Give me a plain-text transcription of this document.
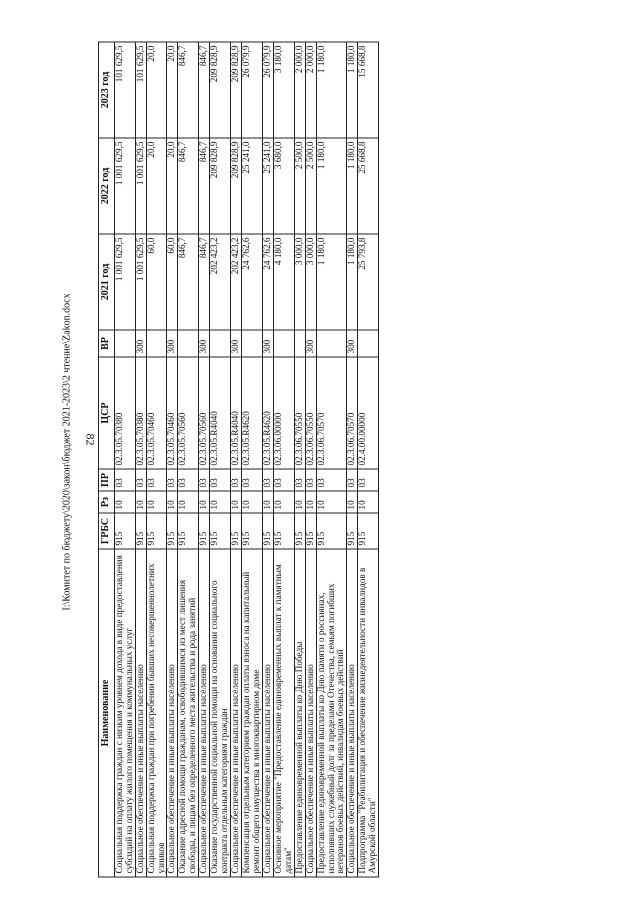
82
Наименование	ГРБС	Рз	ПР	ЦСР	ВР	2021 год	2022 год	2023 год
Социальная поддержка граждан с низким уровнем дохода в виде предоставления субсидий на оплату жилого помещения и коммунальных услуг	915	10	03	02.3.05.70380		1 001 629,5	1 001 629,5	101 629,5
Социальное обеспечение и иные выплаты населению	915	10	03	02.3.05.70380	300	1 001 629,5	1 001 629,5	101 629,5
Социальная поддержка граждан при погребении бывших несовершеннолетних узников	915	10	03	02.3.05.70460		60,0	20,0	20,0
Социальное обеспечение и иные выплаты населению	915	10	03	02.3.05.70460	300	60,0	20,0	20,0
Оказание адресной помощи гражданам, освободившимся из мест лишения свободы, и лицам без определенного места жительства и рода занятий	915	10	03	02.3.05.70560		846,7	846,7	846,7
Социальное обеспечение и иные выплаты населению	915	10	03	02.3.05.70560	300	846,7	846,7	846,7
Оказание государственной социальной помощи на основании социального контракта отдельным категориям граждан	915	10	03	02.3.05.R4040		202 423,2	209 828,9	209 828,9
Социальное обеспечение и иные выплаты населению	915	10	03	02.3.05.R4040	300	202 423,2	209 828,9	209 828,9
Компенсация отдельным категориям граждан оплаты взноса на капитальный ремонт общего имущества в многоквартирном доме	915	10	03	02.3.05.R4620		24 762,6	25 241,0	26 079,9
Социальное обеспечение и иные выплаты населению	915	10	03	02.3.05.R4620	300	24 762,6	25 241,0	26 079,9
Основное мероприятие "Предоставление единовременных выплат к памятным датам"	915	10	03	02.3.06.00000		4 180,0	3 680,0	3 180,0
Предоставление единовременной выплаты ко Дню Победы	915	10	03	02.3.06.70550		3 000,0	2 500,0	2 000,0
Социальное обеспечение и иные выплаты населению	915	10	03	02.3.06.70550	300	3 000,0	2 500,0	2 000,0
Предоставление единовременной выплаты ко Дню памяти о россиянах, исполнявших служебный долг за пределами Отечества, семьям погибших ветеранов боевых действий, инвалидам боевых действий	915	10	03	02.3.06.70570		1 180,0	1 180,0	1 180,0
Социальное обеспечение и иные выплаты населению	915	10	03	02.3.06.70570	300	1 180,0	1 180,0	1 180,0
Подпрограмма "Реабилитация и обеспечение жизнедеятельности инвалидов в Амурской области"	915	10	03	02.4.00.00000		25 793,8	25 668,8	15 668,8
I:\Комитет по бюджету\2020\закон\бюджет 2021-2023\2 чтение\Zakon.docx
